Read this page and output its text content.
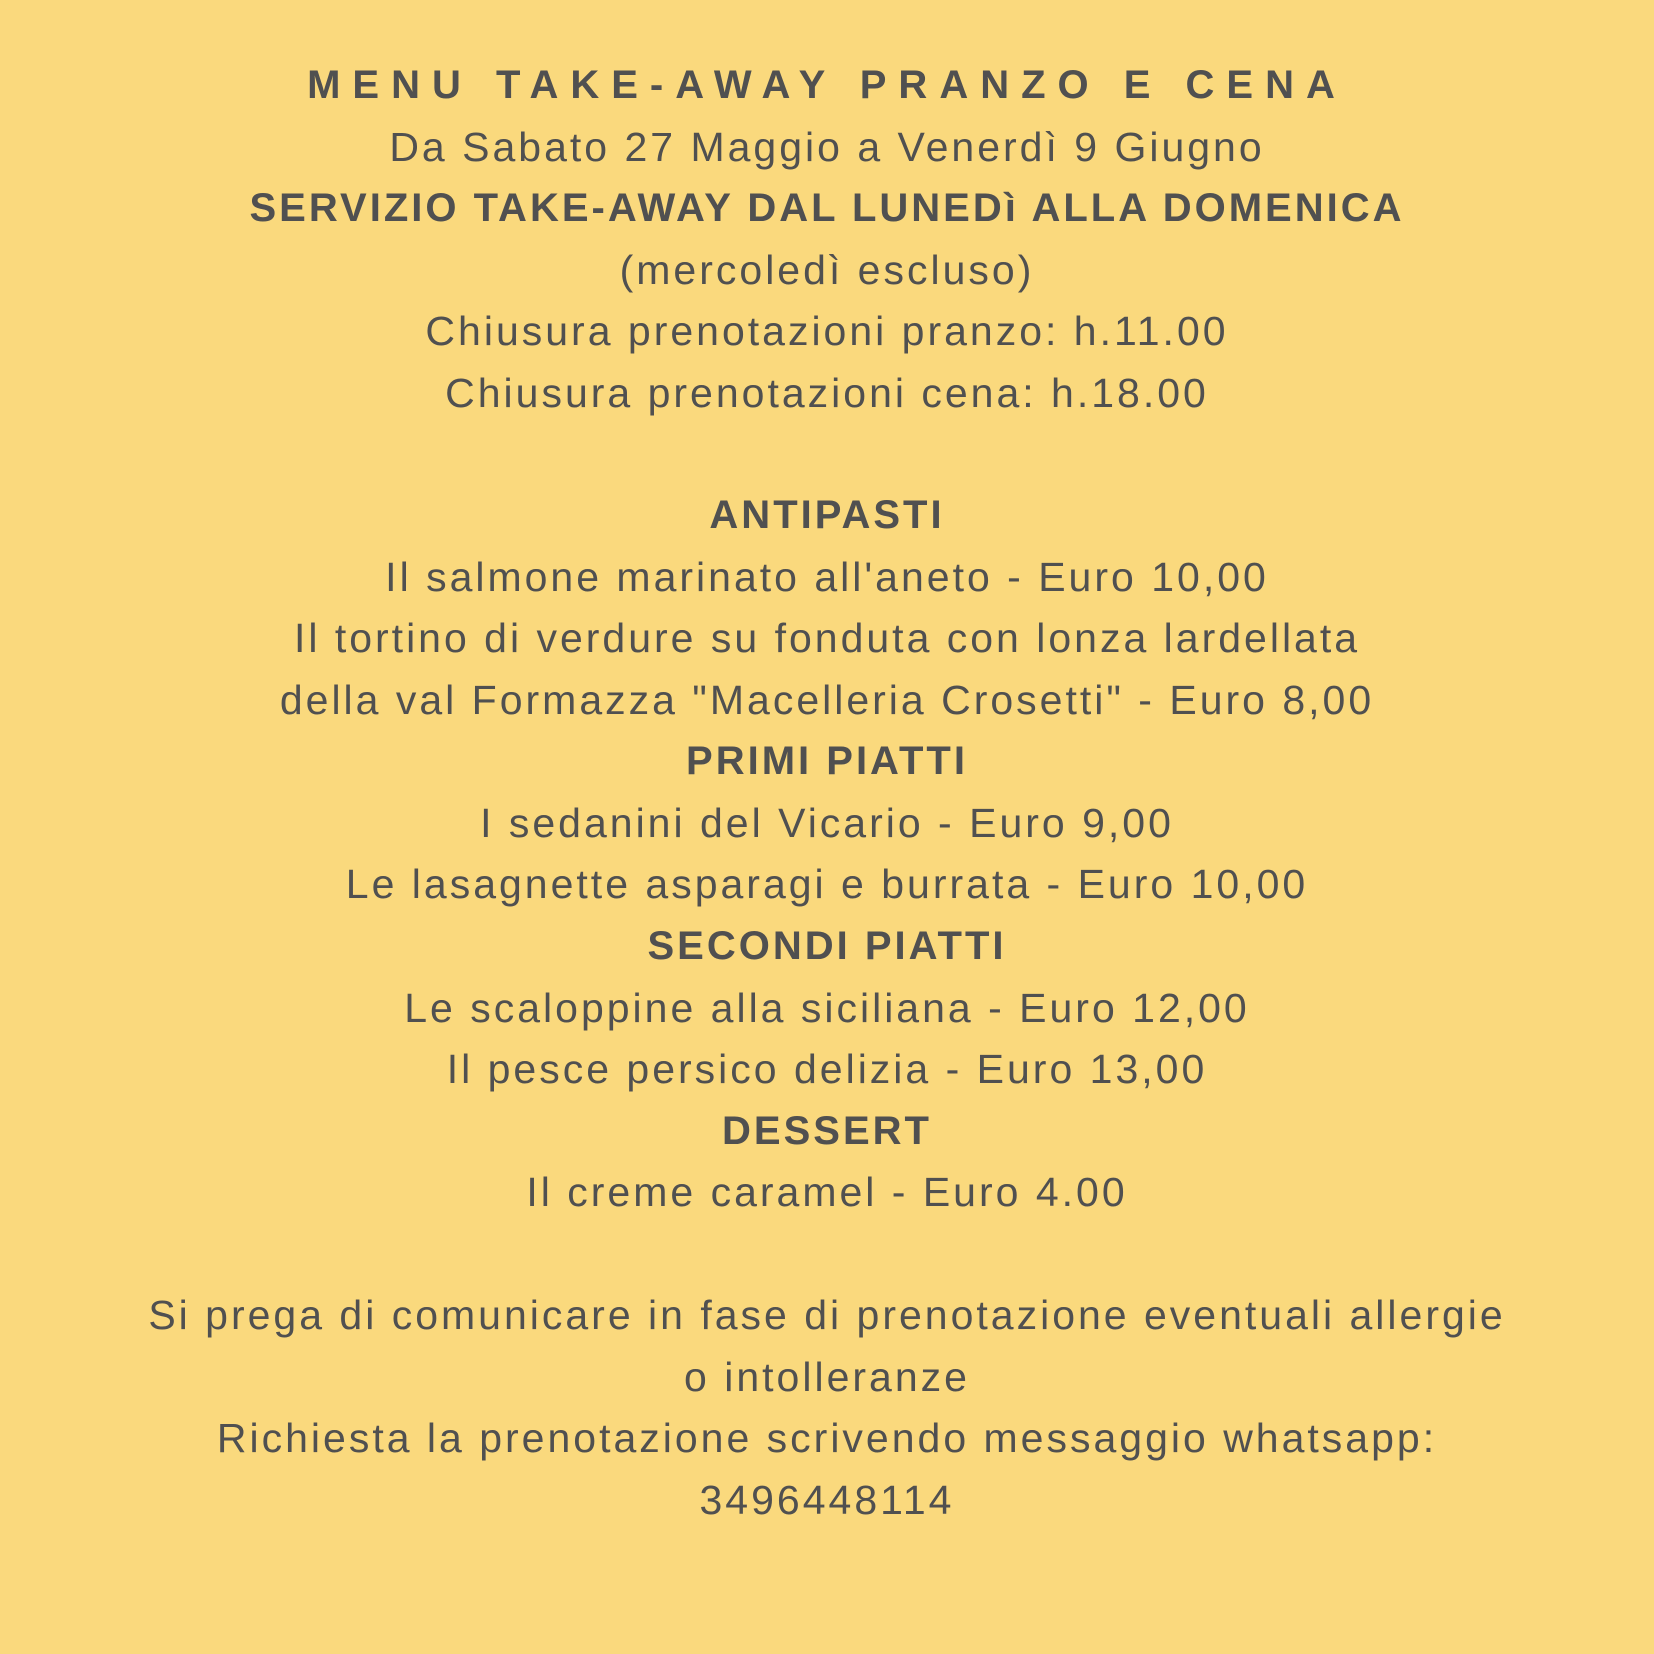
MENU TAKE-AWAY PRANZO E CENA
Da Sabato 27 Maggio a Venerdì 9 Giugno
SERVIZIO TAKE-AWAY DAL LUNEDì ALLA DOMENICA
(mercoledì escluso)
Chiusura prenotazioni pranzo: h.11.00
Chiusura prenotazioni cena: h.18.00
ANTIPASTI
Il salmone marinato all'aneto - Euro 10,00
Il tortino di verdure su fonduta con lonza lardellata
della val Formazza "Macelleria Crosetti" - Euro 8,00
PRIMI PIATTI
I sedanini del Vicario - Euro 9,00
Le lasagnette asparagi e burrata - Euro 10,00
SECONDI PIATTI
Le scaloppine alla siciliana - Euro 12,00
Il pesce persico delizia - Euro 13,00
DESSERT
Il creme caramel - Euro 4.00
Si prega di comunicare in fase di prenotazione eventuali allergie
o intolleranze
Richiesta la prenotazione scrivendo messaggio whatsapp:
3496448114
